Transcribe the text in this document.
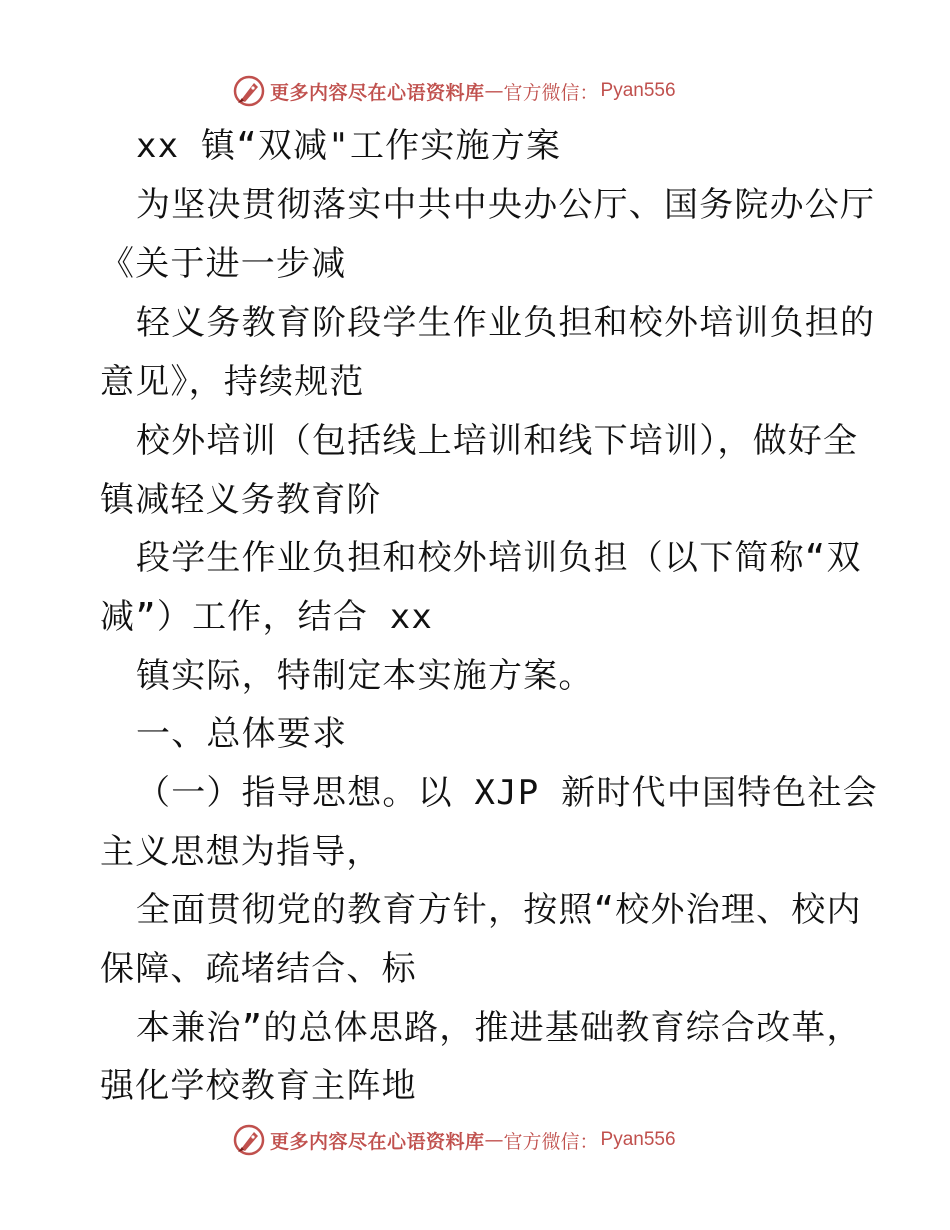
更多内容尽在心语资料库 — 官方微信： Pyan556
xx 镇“双减"工作实施方案
为坚决贯彻落实中共中央办公厅、国务院办公厅
《关于进一步减
轻义务教育阶段学生作业负担和校外培训负担的
意见》，持续规范
校外培训（包括线上培训和线下培训），做好全
镇减轻义务教育阶
段学生作业负担和校外培训负担（以下简称“双
减”）工作，结合 xx
镇实际，特制定本实施方案。
一、总体要求
（一）指导思想。以 XJP 新时代中国特色社会
主义思想为指导，
全面贯彻党的教育方针，按照“校外治理、校内
保障、疏堵结合、标
本兼治”的总体思路，推进基础教育综合改革，
强化学校教育主阵地
更多内容尽在心语资料库 — 官方微信： Pyan556
